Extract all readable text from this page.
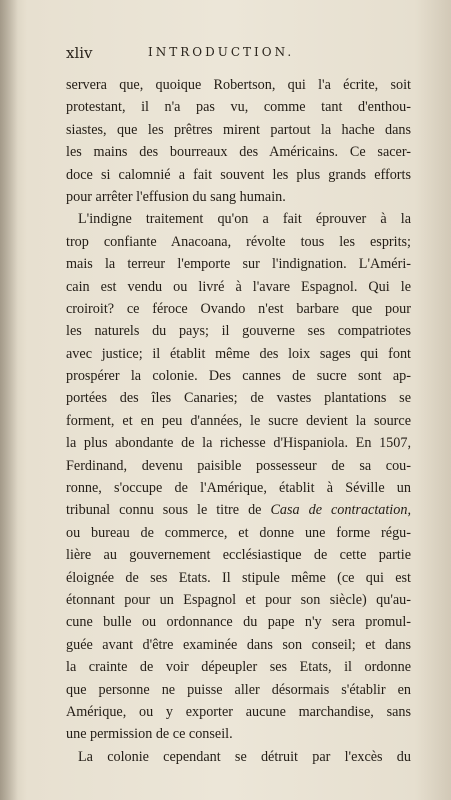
xliv	INTRODUCTION.
servera que, quoique Robertson, qui l'a écrite, soit
protestant, il n'a pas vu, comme tant d'enthou-
siastes, que les prêtres mirent partout la hache dans
les mains des bourreaux des Américains. Ce sacer-
doce si calomnié a fait souvent les plus grands efforts
pour arrêter l'effusion du sang humain.
L'indigne traitement qu'on a fait éprouver à la
trop confiante Anacoana, révolte tous les esprits;
mais la terreur l'emporte sur l'indignation. L'Améri-
cain est vendu ou livré à l'avare Espagnol. Qui le
croiroit? ce féroce Ovando n'est barbare que pour
les naturels du pays; il gouverne ses compatriotes
avec justice; il établit même des loix sages qui font
prospérer la colonie. Des cannes de sucre sont ap-
portées des îles Canaries; de vastes plantations se
forment, et en peu d'années, le sucre devient la source
la plus abondante de la richesse d'Hispaniola. En 1507,
Ferdinand, devenu paisible possesseur de sa cou-
ronne, s'occupe de l'Amérique, établit à Séville un
tribunal connu sous le titre de Casa de contractation,
ou bureau de commerce, et donne une forme régu-
lière au gouvernement ecclésiastique de cette partie
éloignée de ses Etats. Il stipule même (ce qui est
étonnant pour un Espagnol et pour son siècle) qu'au-
cune bulle ou ordonnance du pape n'y sera promul-
guée avant d'être examinée dans son conseil; et dans
la crainte de voir dépeupler ses Etats, il ordonne
que personne ne puisse aller désormais s'établir en
Amérique, ou y exporter aucune marchandise, sans
une permission de ce conseil.
La colonie cependant se détruit par l'excès du
